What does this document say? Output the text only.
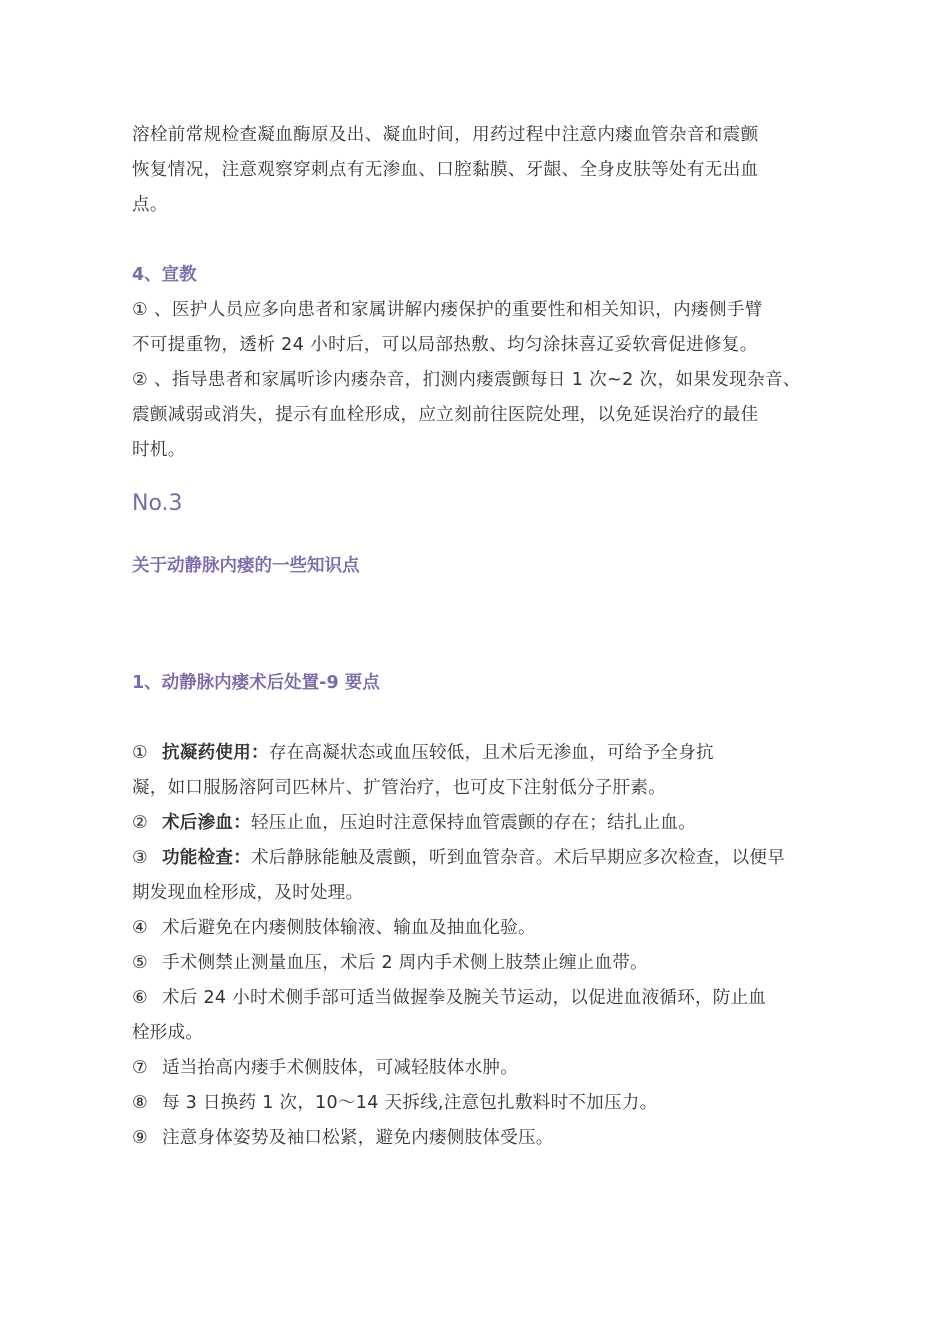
溶栓前常规检查凝血酶原及出、凝血时间，用药过程中注意内瘘血管杂音和震颤

恢复情况，注意观察穿刺点有无渗血、口腔黏膜、牙龈、全身皮肤等处有无出血

点。

4、宣教

① 、医护人员应多向患者和家属讲解内瘘保护的重要性和相关知识，内瘘侧手臂

不可提重物，透析 24 小时后，可以局部热敷、均匀涂抹喜辽妥软膏促进修复。

② 、指导患者和家属听诊内瘘杂音，扪测内瘘震颤每日 1 次~2 次，如果发现杂音、

震颤减弱或消失，提示有血栓形成，应立刻前往医院处理，以免延误治疗的最佳

时机。

No.3

关于动静脉内瘘的一些知识点

1、动静脉内瘘术后处置-9 要点

① 抗凝药使用：存在高凝状态或血压较低，且术后无渗血，可给予全身抗

凝，如口服肠溶阿司匹林片、扩管治疗，也可皮下注射低分子肝素。

② 术后渗血：轻压止血，压迫时注意保持血管震颤的存在；结扎止血。

③ 功能检查：术后静脉能触及震颤，听到血管杂音。术后早期应多次检查，以便早

期发现血栓形成，及时处理。

④ 术后避免在内瘘侧肢体输液、输血及抽血化验。

⑤ 手术侧禁止测量血压，术后 2 周内手术侧上肢禁止缠止血带。

⑥ 术后 24 小时术侧手部可适当做握拳及腕关节运动，以促进血液循环，防止血

栓形成。

⑦ 适当抬高内瘘手术侧肢体，可减轻肢体水肿。

⑧ 每 3 日换药 1 次，10～14 天拆线,注意包扎敷料时不加压力。

⑨ 注意身体姿势及袖口松紧，避免内瘘侧肢体受压。
